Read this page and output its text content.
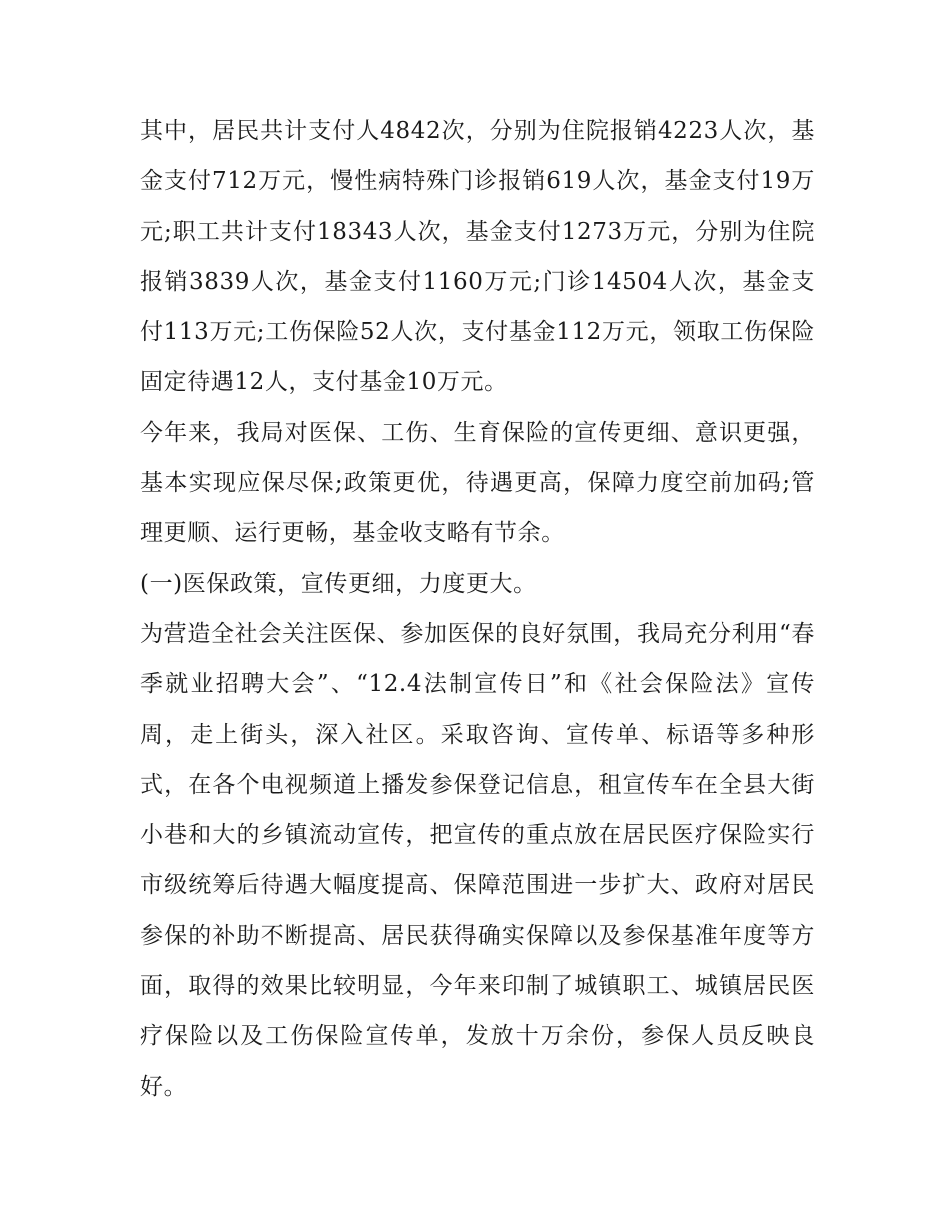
其中，居民共计支付人4842次，分别为住院报销4223人次，基金支付712万元，慢性病特殊门诊报销619人次，基金支付19万元;职工共计支付18343人次，基金支付1273万元，分别为住院报销3839人次，基金支付1160万元;门诊14504人次，基金支付113万元;工伤保险52人次，支付基金112万元，领取工伤保险固定待遇12人，支付基金10万元。

今年来，我局对医保、工伤、生育保险的宣传更细、意识更强，基本实现应保尽保;政策更优，待遇更高，保障力度空前加码;管理更顺、运行更畅，基金收支略有节余。

(一)医保政策，宣传更细，力度更大。

为营造全社会关注医保、参加医保的良好氛围，我局充分利用“春季就业招聘大会”、“12.4法制宣传日”和《社会保险法》宣传周，走上街头，深入社区。采取咨询、宣传单、标语等多种形式，在各个电视频道上播发参保登记信息，租宣传车在全县大街小巷和大的乡镇流动宣传，把宣传的重点放在居民医疗保险实行市级统筹后待遇大幅度提高、保障范围进一步扩大、政府对居民参保的补助不断提高、居民获得确实保障以及参保基准年度等方面，取得的效果比较明显，今年来印制了城镇职工、城镇居民医疗保险以及工伤保险宣传单，发放十万余份，参保人员反映良好。
